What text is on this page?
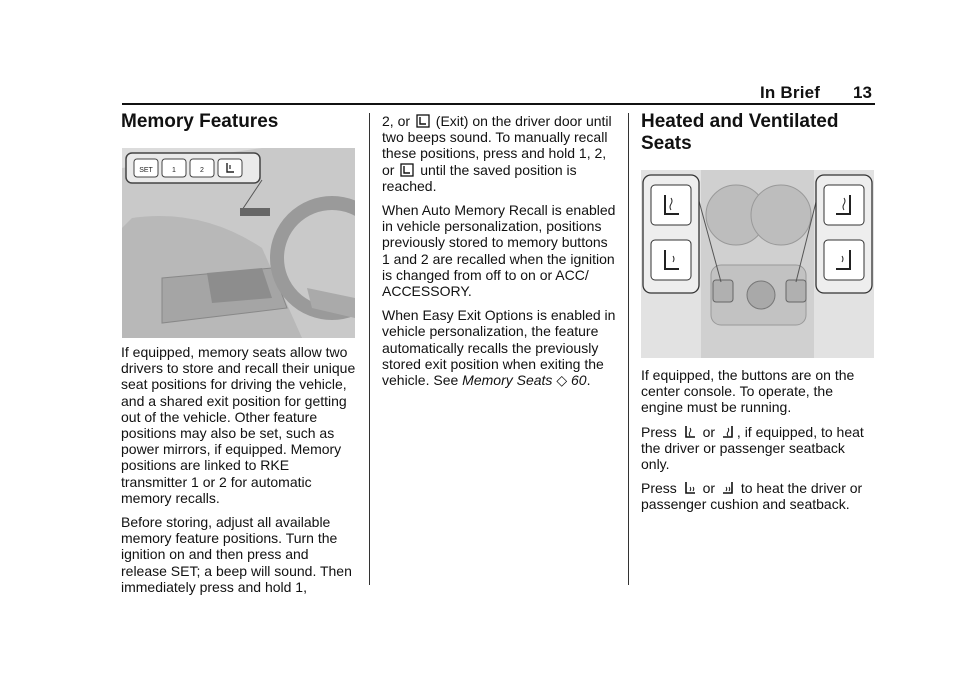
In Brief 13
Memory Features
SET	1	2

If equipped, memory seats allow two drivers to store and recall their unique seat positions for driving the vehicle, and a shared exit position for getting out of the vehicle. Other feature positions may also be set, such as power mirrors, if equipped. Memory positions are linked to RKE transmitter 1 or 2 for automatic memory recalls.

Before storing, adjust all available memory feature positions. Turn the ignition on and then press and release SET; a beep will sound. Then immediately press and hold 1,

2, or (Exit) on the driver door until two beeps sound. To manually recall these positions, press and hold 1, 2, or until the saved position is reached.

When Auto Memory Recall is enabled in vehicle personalization, positions previously stored to memory buttons 1 and 2 are recalled when the ignition is changed from off to on or ACC/ ACCESSORY.

When Easy Exit Options is enabled in vehicle personalization, the feature automatically recalls the previously stored exit position when exiting the vehicle. See Memory Seats ◇ 60.

Heated and Ventilated Seats

If equipped, the buttons are on the center console. To operate, the engine must be running.

Press or , if equipped, to heat the driver or passenger seatback only.

Press or to heat the driver or passenger cushion and seatback.
